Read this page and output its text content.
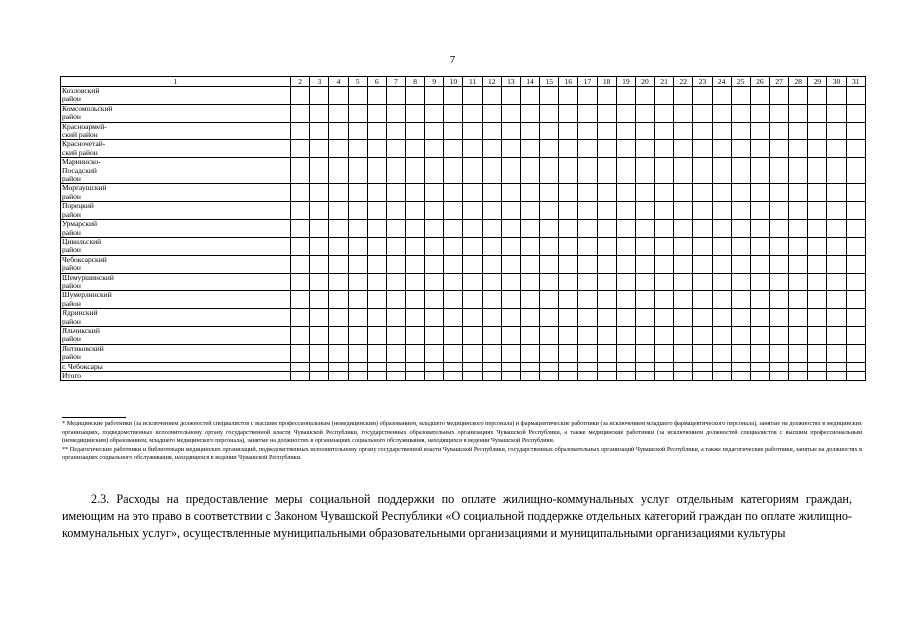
7
1	2	3	4	5	6	7	8	9	10	11	12	13	14	15	16	17	18	19	20	21	22	23	24	25	26	27	28	29	30	31

Козловский
район																														

Комсомольский
район																														

Красноармей-
ский район																														

Красночетай-
ский район																														

Мариинско-
Посадский
район																														

Моргаушский
район																														

Порецкий
район																														

Урмарский
район																														

Цивильский
район																														

Чебоксарский
район																														

Шемуршинский
район																														

Шумерлинский
район																														

Ядринский
район																														

Яльчикский
район																														

Янтиковский
район																														

г. Чебоксары																														

Итого																														

* Медицинские работники (за исключением должностей специалистов с высшим профессиональным (немедицинским) образованием, младшего медицинского персонала) и фармацевтические работники (за исключением младшего фармацевтического персонала), занятые на должностях в медицинских организациях, подведомственных исполнительному органу государственной власти Чувашской Республики, государственных образовательных организациях Чувашской Республики, а также медицинские работники (за исключением должностей специалистов с высшим профессиональным (немедицинским) образованием, младшего медицинского персонала), занятые на должностях в организациях социального обслуживания, находящихся в ведении Чувашской Республики.

** Педагогические работники и библиотекари медицинских организаций, подведомственных исполнительному органу государственной власти Чувашской Республики, государственных образовательных организаций Чувашской Республики, а также педагогические работники, занятые на должностях в организациях социального обслуживания, находящихся в ведении Чувашской Республики.

2.3. Расходы на предоставление меры социальной поддержки по оплате жилищно-коммунальных услуг отдельным категориям граждан, имеющим на это право в соответствии с Законом Чувашской Республики «О социальной поддержке отдельных категорий граждан по оплате жилищно-коммунальных услуг», осуществленные муниципальными образовательными организациями и муниципальными организациями культуры
